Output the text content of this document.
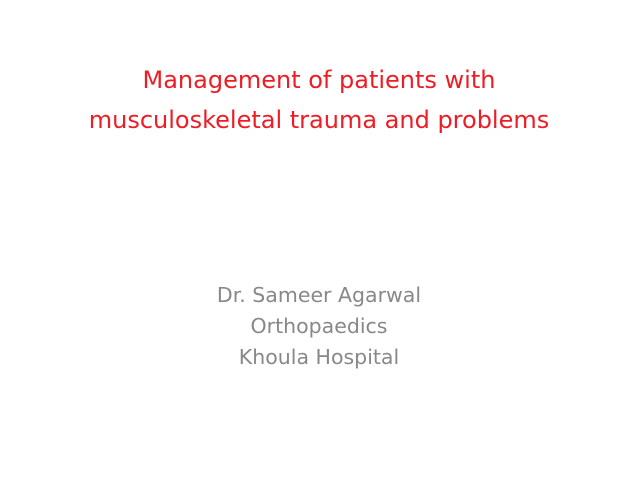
Management of patients with
musculoskeletal trauma and problems
Dr. Sameer Agarwal
Orthopaedics
Khoula Hospital
